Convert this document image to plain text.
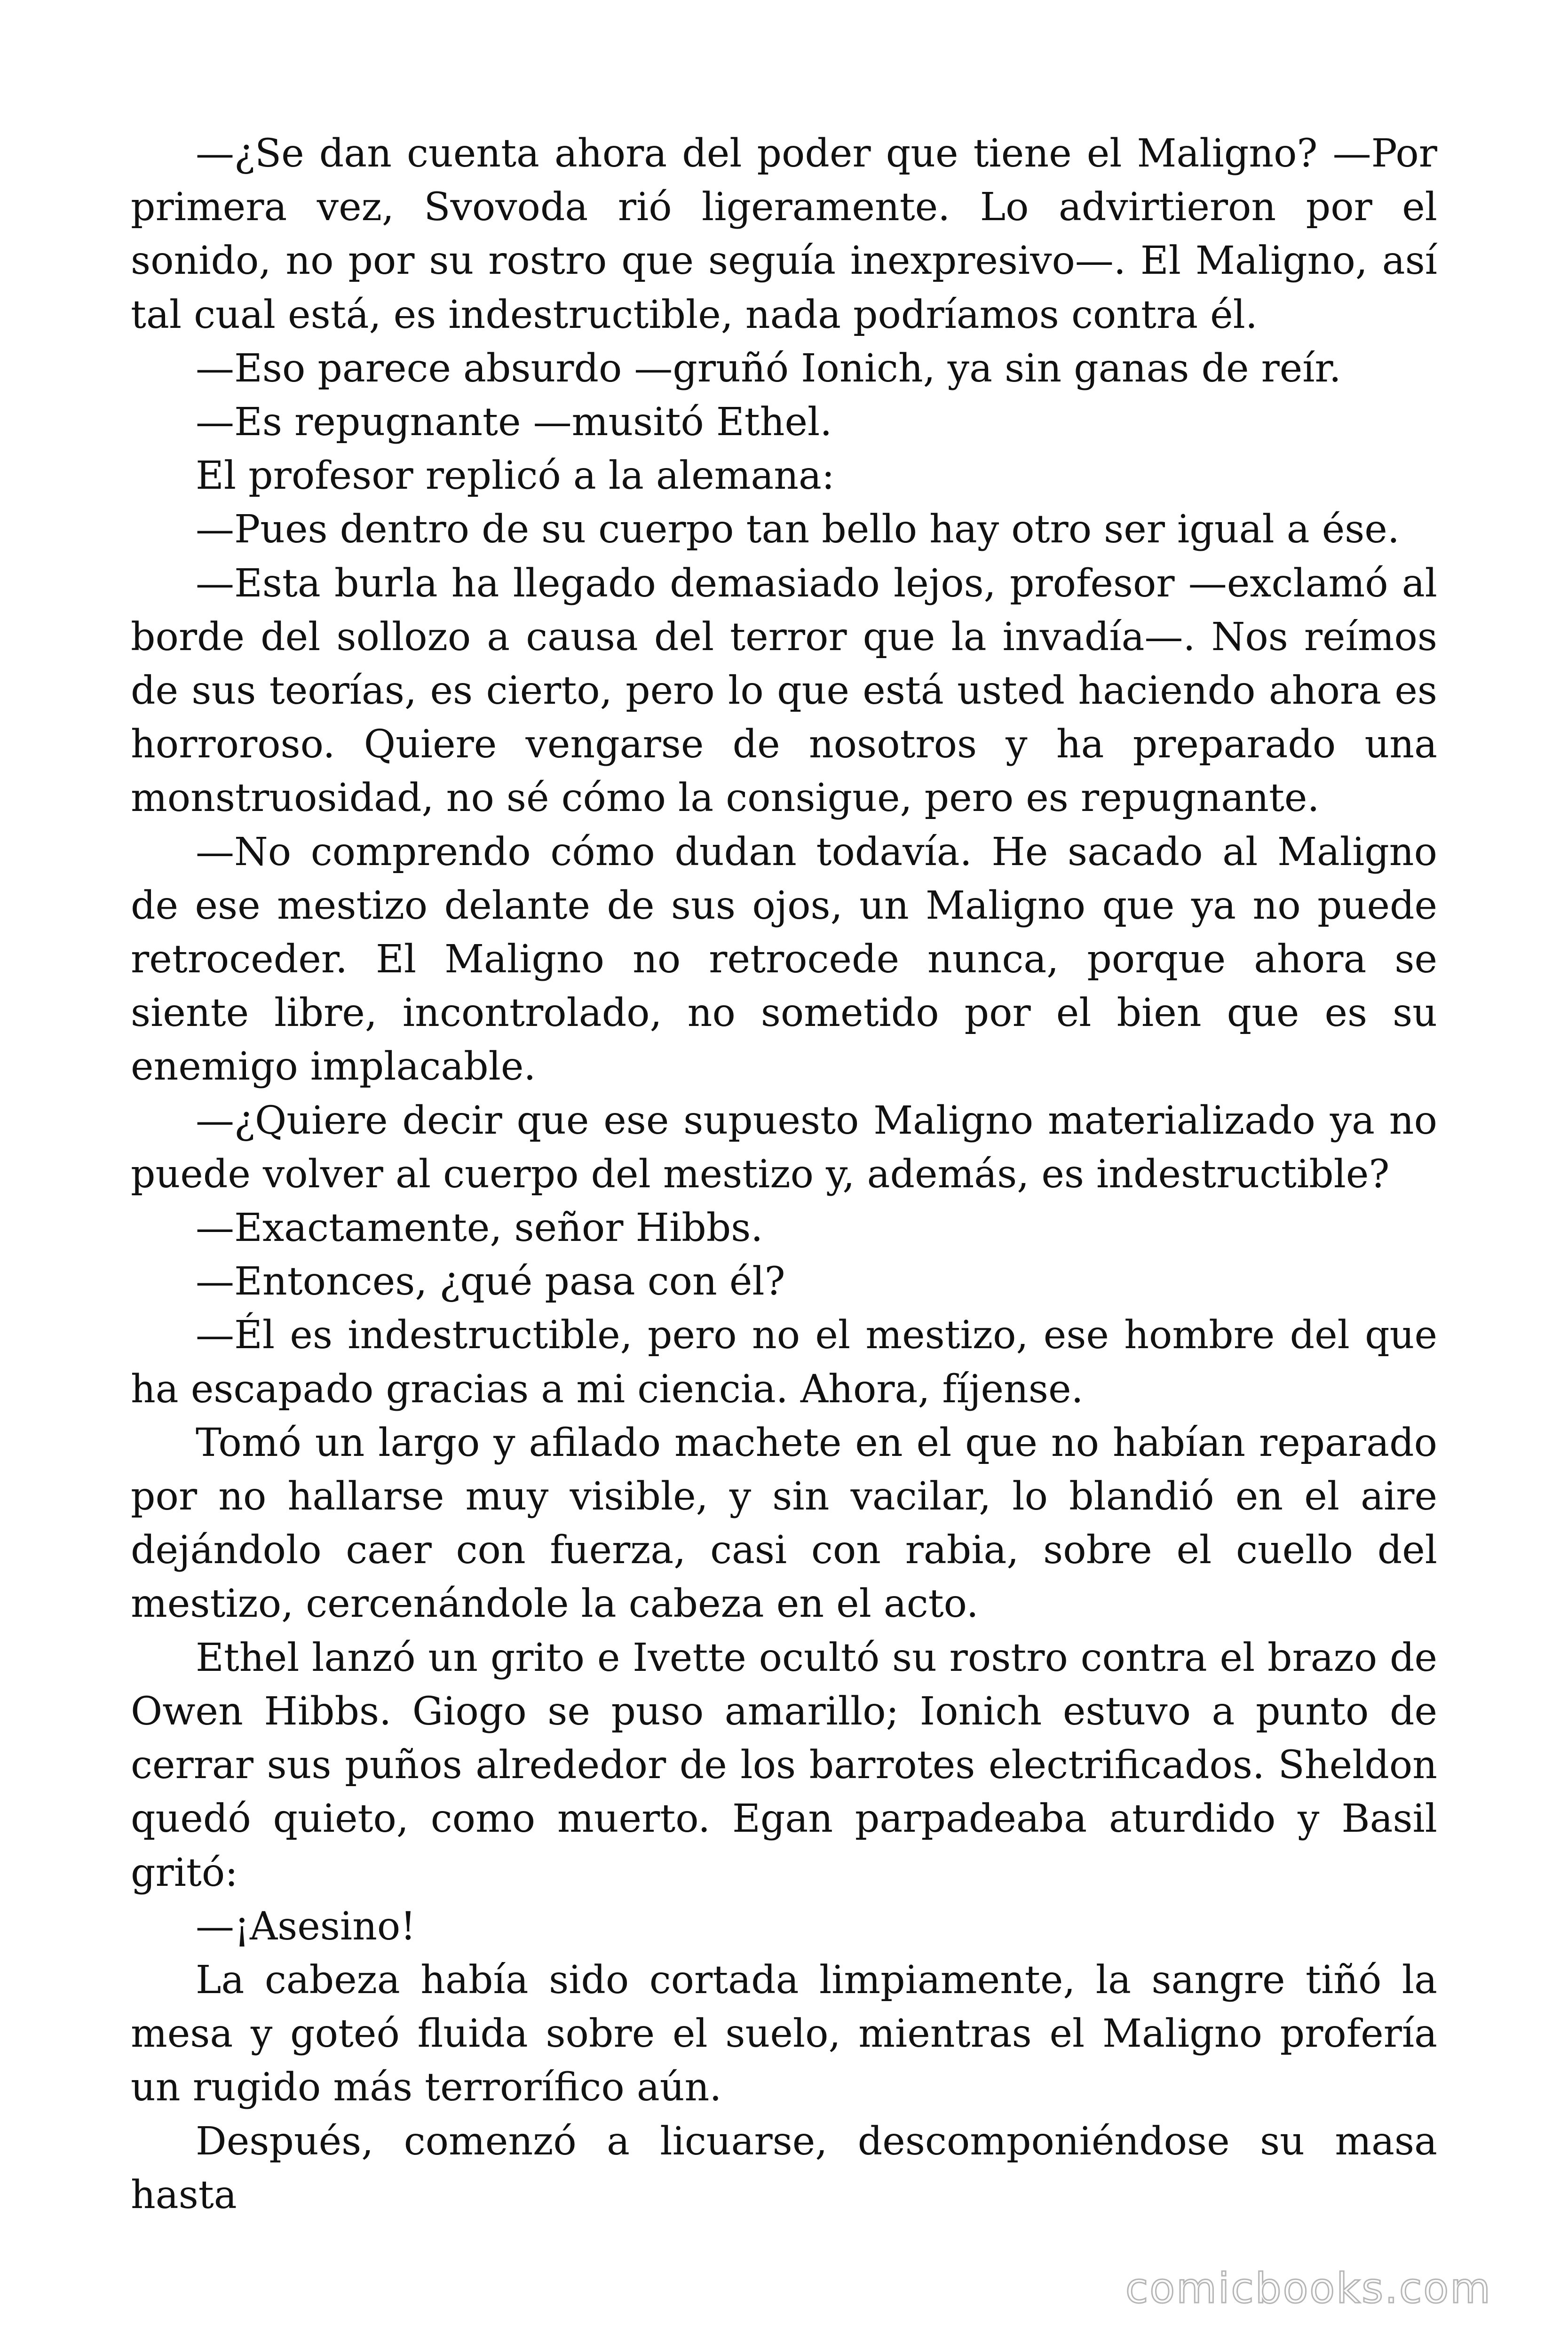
—¿Se dan cuenta ahora del poder que tiene el Maligno? —Por primera vez, Svovoda rió ligeramente. Lo advirtieron por el sonido, no por su rostro que seguía inexpresivo—. El Maligno, así tal cual está, es indestructible, nada podríamos contra él.

—Eso parece absurdo —gruñó Ionich, ya sin ganas de reír.

—Es repugnante —musitó Ethel.

El profesor replicó a la alemana:

—Pues dentro de su cuerpo tan bello hay otro ser igual a ése.

—Esta burla ha llegado demasiado lejos, profesor —exclamó al borde del sollozo a causa del terror que la invadía—. Nos reímos de sus teorías, es cierto, pero lo que está usted haciendo ahora es horroroso. Quiere vengarse de nosotros y ha preparado una monstruosidad, no sé cómo la consigue, pero es repugnante.

—No comprendo cómo dudan todavía. He sacado al Maligno de ese mestizo delante de sus ojos, un Maligno que ya no puede retroceder. El Maligno no retrocede nunca, porque ahora se siente libre, incontrolado, no sometido por el bien que es su enemigo implacable.

—¿Quiere decir que ese supuesto Maligno materializado ya no puede volver al cuerpo del mestizo y, además, es indestructible?

—Exactamente, señor Hibbs.

—Entonces, ¿qué pasa con él?

—Él es indestructible, pero no el mestizo, ese hombre del que ha escapado gracias a mi ciencia. Ahora, fíjense.

Tomó un largo y afilado machete en el que no habían reparado por no hallarse muy visible, y sin vacilar, lo blandió en el aire dejándolo caer con fuerza, casi con rabia, sobre el cuello del mestizo, cercenándole la cabeza en el acto.

Ethel lanzó un grito e Ivette ocultó su rostro contra el brazo de Owen Hibbs. Giogo se puso amarillo; Ionich estuvo a punto de cerrar sus puños alrededor de los barrotes electrificados. Sheldon quedó quieto, como muerto. Egan parpadeaba aturdido y Basil gritó:

—¡Asesino!

La cabeza había sido cortada limpiamente, la sangre tiñó la mesa y goteó fluida sobre el suelo, mientras el Maligno profería un rugido más terrorífico aún.

Después, comenzó a licuarse, descomponiéndose su masa hasta

comicbooks.com
